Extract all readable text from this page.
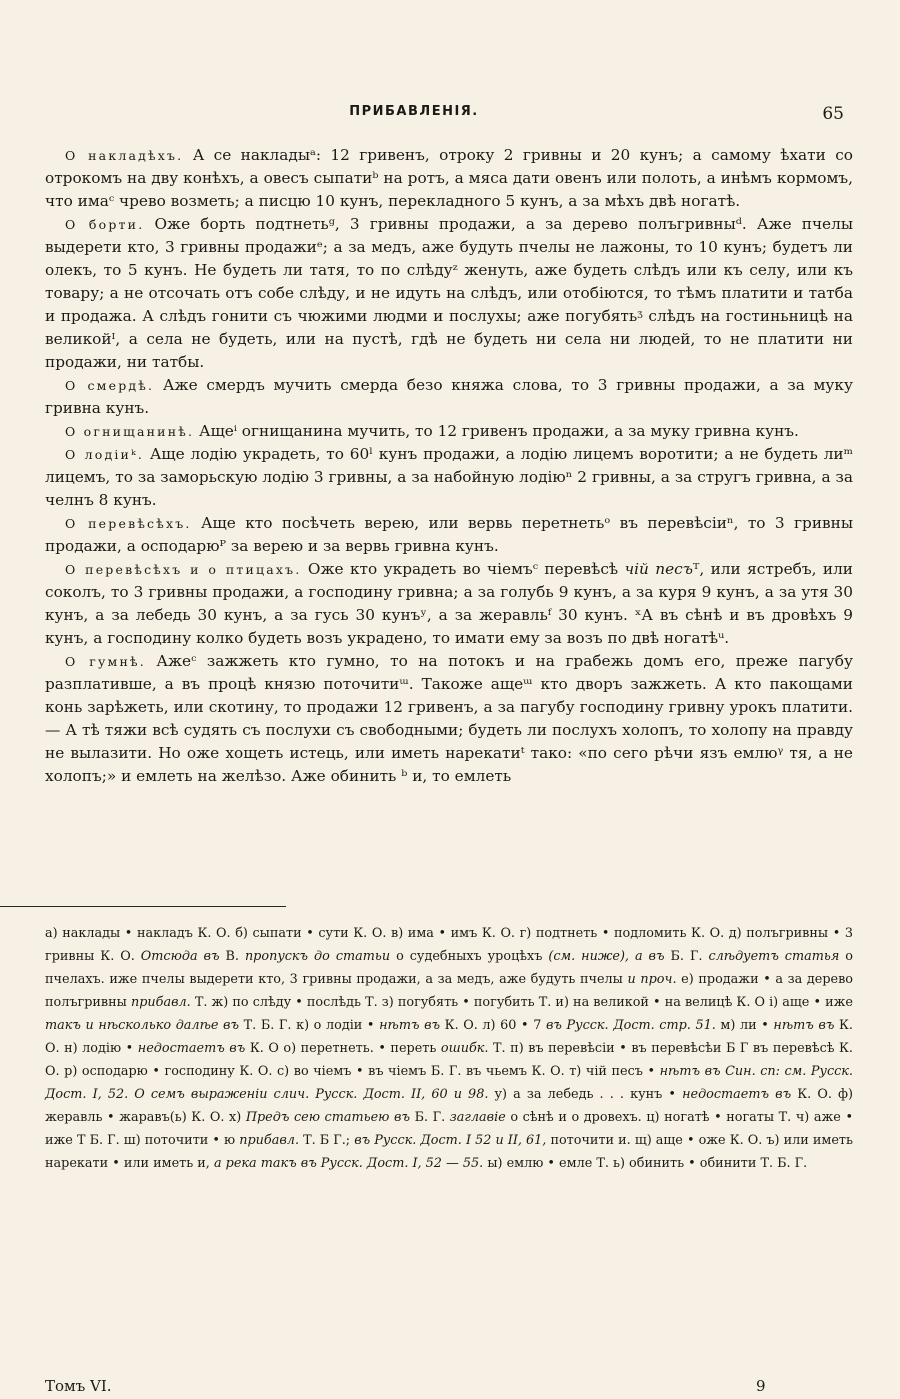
ПРИБАВЛЕНIЯ.	65

О накладѣхъ. А се накладыᵃ: 12 гривенъ, отроку 2 гривны и 20 кунъ; а самому ѣхати со отрокомъ на дву конѣхъ, а овесъ сыпатиᵇ на ротъ, а мяса дати овенъ или полоть, а инѣмъ кормомъ, что имаᶜ чрево возметь; а писцю 10 кунъ, перекладного 5 кунъ, а за мѣхъ двѣ ногатѣ.

О борти. Оже борть подтнетьᵍ, 3 гривны продажи, а за дерево полъгривныᵈ. Аже пчелы выдерети кто, 3 гривны продажиᵉ; а за медъ, аже будуть пчелы не лажоны, то 10 кунъ; будетъ ли олекъ, то 5 кунъ. Не будеть ли татя, то по слѣдуᶻ женуть, аже будеть слѣдъ или къ селу, или къ товару; а не отсочать отъ собе слѣду, и не идуть на слѣдъ, или отобiются, то тѣмъ платити и татба и продажа. А слѣдъ гонити съ чюжими людми и послухы; аже погубятьᶾ слѣдъ на гостиньницѣ на великойᴵ, а села не будеть, или на пустѣ, гдѣ не будеть ни села ни людей, то не платити ни продажи, ни татбы.

О смердѣ. Аже смердъ мучить смерда безо княжа слова, то 3 гривны продажи, а за муку гривна кунъ.

О огнищанинѣ. Ащеⁱ огнищанина мучить, то 12 гривенъ продажи, а за муку гривна кунъ.

О лодiиᵏ. Аще лодiю украдеть, то 60ˡ кунъ продажи, а лодiю лицемъ воротити; а не будеть лиᵐ лицемъ, то за заморьскую лодiю 3 гривны, а за набойную лодiюⁿ 2 гривны, а за стругъ гривна, а за челнъ 8 кунъ.

О перевѣсѣхъ. Аще кто посѣчеть верею, или вервь перетнетьᵒ въ перевѣсiиⁿ, то 3 гривны продажи, а осподарюᴾ за верею и за вервь гривна кунъ.

О перевѣсѣхъ и о птицахъ. Оже кто украдеть во чiемъᶜ перевѣсѣ чiй песъᵀ, или ястребъ, или соколъ, то 3 гривны продажи, а господину гривна; а за голубь 9 кунъ, а за куря 9 кунъ, а за утя 30 кунъ, а за лебедь 30 кунъ, а за гусь 30 кунъʸ, а за жеравльᶠ 30 кунъ. ˣА въ сѣнѣ и въ дровѣхъ 9 кунъ, а господину колко будеть возъ украдено, то имати ему за возъ по двѣ ногатѣᵘ.

О гумнѣ. Ажеᶜ зажжеть кто гумно, то на потокъ и на грабежь домъ его, преже пагубу разплативше, а въ процѣ князю поточитиᵚ. Такоже ащеᵚ кто дворъ зажжеть. А кто пакощами конь зарѣжеть, или скотину, то продажи 12 гривенъ, а за пагубу господину гривну урокъ платити. — А тѣ тяжи всѣ судять съ послухи съ свободными; будеть ли послухъ холопъ, то холопу на правду не вылазити. Но оже хощеть истець, или иметь нарекатиᵗ тако: «по сего рѣчи язъ емлюᵞ тя, а не холопъ;» и емлеть на желѣзо. Аже обинить ᵇ и, то емлеть

а) наклады • накладъ К. О. б) сыпати • сути К. О. в) има • имъ К. О. г) подтнеть • подломить К. О. д) полъгривны • 3 гривны К. О. Отсюда въ В. пропускъ до статьи о судебныхъ уроцѣхъ (см. ниже), а въ Б. Г. слѣдуетъ статья о пчелахъ. иже пчелы выдерети кто, 3 гривны продажи, а за медъ, аже будуть пчелы и проч. е) продажи • а за дерево полъгривны прибавл. Т. ж) по слѣду • послѣдь Т. з) погубять • погубить Т. и) на великой • на велицѣ К. О i) аще • иже такъ и нѣсколько далѣе въ Т. Б. Г. к) о лодiи • нѣтъ въ К. О. л) 60 • 7 въ Русск. Дост. стр. 51. м) ли • нѣтъ въ К. О. н) лодiю • недостаетъ въ К. О о) перетнеть. • переть ошибк. Т. п) въ перевѣсiи • въ перевѣсѣи Б Г въ перевѣсѣ К. О. р) осподарю • господину К. О. с) во чiемъ • въ чiемъ Б. Г. въ чьемъ К. О. т) чiй песъ • нѣтъ въ Син. сп: см. Русск. Дост. I, 52. О семъ выраженiи слич. Русск. Дост. II, 60 и 98. у) а за лебедь . . . кунъ • недостаетъ въ К. О. ф) жеравль • жаравъ(ь) К. О. х) Предъ сею статьею въ Б. Г. заглавiе о сѣнѣ и о дровехъ. ц) ногатѣ • ногаты Т. ч) аже • иже Т Б. Г. ш) поточити • ю прибавл. Т. Б Г.; въ Русск. Дост. I 52 и II, 61, поточити и. щ) аще • оже К. О. ъ) или иметь нарекати • или иметь и, а река такъ въ Русск. Дост. I, 52 — 55. ы) емлю • емле Т. ь) обинить • обинити Т. Б. Г.

Томъ VI.	9
